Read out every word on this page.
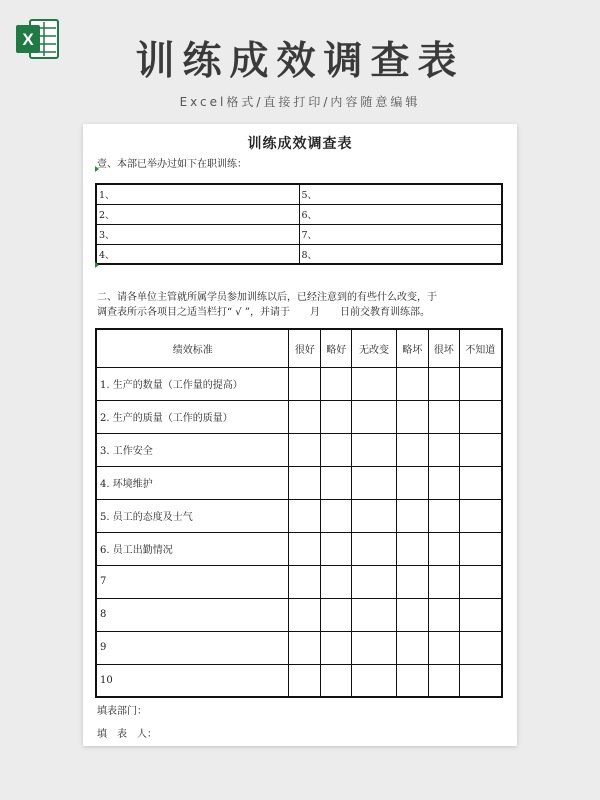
X	训练成效调查表
Excel格式/直接打印/内容随意编辑
训练成效调查表
壹、本部已举办过如下在职训练：
1、	5、
2、	6、
3、	7、
4、	8、
二、请各单位主管就所属学员参加训练以后，已经注意到的有些什么改变，于
调查表所示各项目之适当栏打“ √ ”，并请于　　月　　日前交教育训练部。
绩效标准	很好	略好	无改变	略坏	很坏	不知道
1. 生产的数量（工作量的提高）						
2. 生产的质量（工作的质量）						
3. 工作安全						
4. 环境维护						
5. 员工的态度及士气						
6. 员工出勤情况						
7						
8						
9						
10						
填表部门：
填　表　人：
